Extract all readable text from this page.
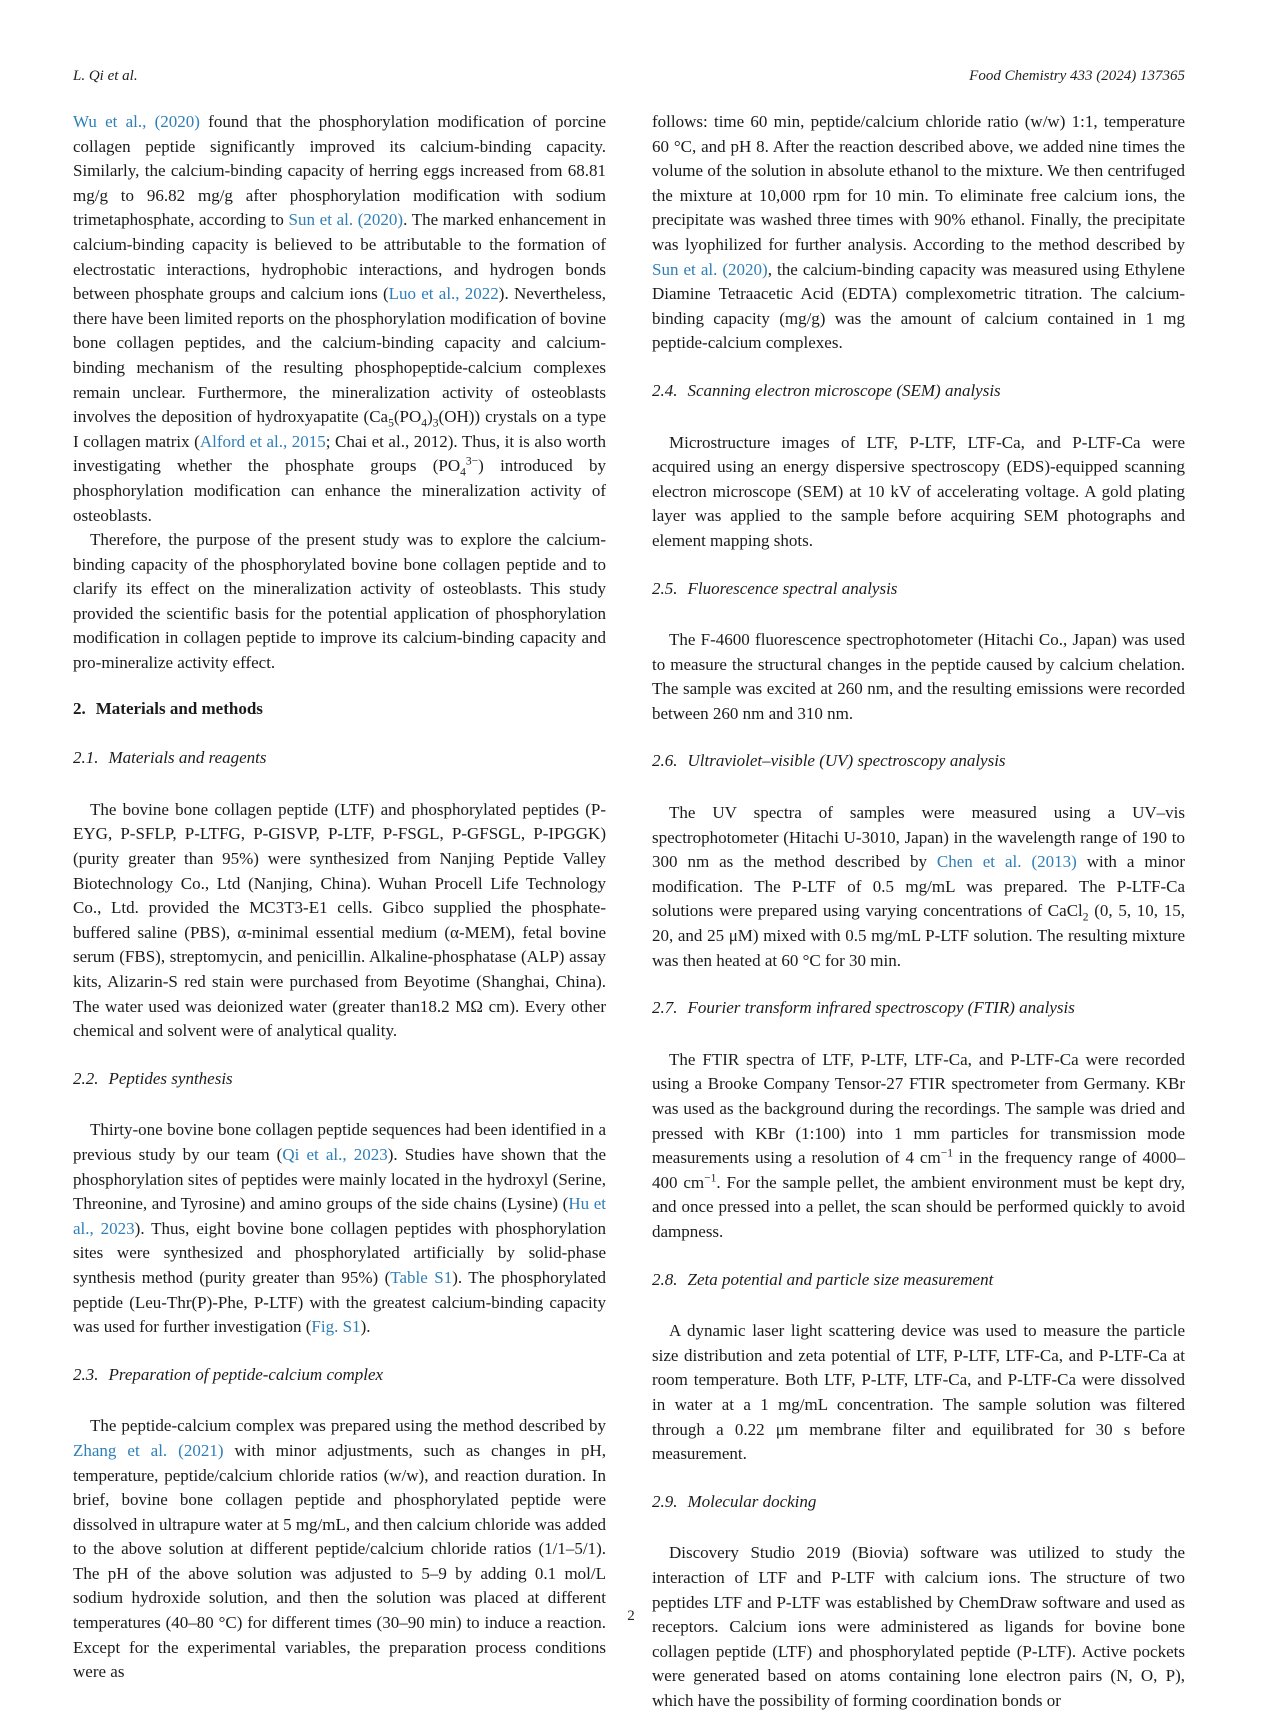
L. Qi et al.	Food Chemistry 433 (2024) 137365

Wu et al., (2020) found that the phosphorylation modification of porcine collagen peptide significantly improved its calcium-binding capacity. Similarly, the calcium-binding capacity of herring eggs increased from 68.81 mg/g to 96.82 mg/g after phosphorylation modification with sodium trimetaphosphate, according to Sun et al. (2020). The marked enhancement in calcium-binding capacity is believed to be attributable to the formation of electrostatic interactions, hydrophobic interactions, and hydrogen bonds between phosphate groups and calcium ions (Luo et al., 2022). Nevertheless, there have been limited reports on the phosphorylation modification of bovine bone collagen peptides, and the calcium-binding capacity and calcium-binding mechanism of the resulting phosphopeptide-calcium complexes remain unclear. Furthermore, the mineralization activity of osteoblasts involves the deposition of hydroxyapatite $(Ca_5(PO_4)_3(OH))$ crystals on a type I collagen matrix (Alford et al., 2015; Chai et al., 2012). Thus, it is also worth investigating whether the phosphate groups $(PO_4^{3-})$ introduced by phosphorylation modification can enhance the mineralization activity of osteoblasts.

Therefore, the purpose of the present study was to explore the calcium-binding capacity of the phosphorylated bovine bone collagen peptide and to clarify its effect on the mineralization activity of osteoblasts. This study provided the scientific basis for the potential application of phosphorylation modification in collagen peptide to improve its calcium-binding capacity and pro-mineralize activity effect.

2. Materials and methods
2.1. Materials and reagents

The bovine bone collagen peptide (LTF) and phosphorylated peptides (P-EYG, P-SFLP, P-LTFG, P-GISVP, P-LTF, P-FSGL, P-GFSGL, P-IPGGK) (purity greater than 95%) were synthesized from Nanjing Peptide Valley Biotechnology Co., Ltd (Nanjing, China). Wuhan Procell Life Technology Co., Ltd. provided the MC3T3-E1 cells. Gibco supplied the phosphate-buffered saline (PBS), α-minimal essential medium (α-MEM), fetal bovine serum (FBS), streptomycin, and penicillin. Alkaline-phosphatase (ALP) assay kits, Alizarin-S red stain were purchased from Beyotime (Shanghai, China). The water used was deionized water (greater than18.2 MΩ cm). Every other chemical and solvent were of analytical quality.

2.2. Peptides synthesis

Thirty-one bovine bone collagen peptide sequences had been identified in a previous study by our team (Qi et al., 2023). Studies have shown that the phosphorylation sites of peptides were mainly located in the hydroxyl (Serine, Threonine, and Tyrosine) and amino groups of the side chains (Lysine) (Hu et al., 2023). Thus, eight bovine bone collagen peptides with phosphorylation sites were synthesized and phosphorylated artificially by solid-phase synthesis method (purity greater than 95%) (Table S1). The phosphorylated peptide (Leu-Thr(P)-Phe, P-LTF) with the greatest calcium-binding capacity was used for further investigation (Fig. S1).

2.3. Preparation of peptide-calcium complex

The peptide-calcium complex was prepared using the method described by Zhang et al. (2021) with minor adjustments, such as changes in pH, temperature, peptide/calcium chloride ratios (w/w), and reaction duration. In brief, bovine bone collagen peptide and phosphorylated peptide were dissolved in ultrapure water at 5 mg/mL, and then calcium chloride was added to the above solution at different peptide/calcium chloride ratios (1/1–5/1). The pH of the above solution was adjusted to 5–9 by adding 0.1 mol/L sodium hydroxide solution, and then the solution was placed at different temperatures (40–80 °C) for different times (30–90 min) to induce a reaction. Except for the experimental variables, the preparation process conditions were as

follows: time 60 min, peptide/calcium chloride ratio (w/w) 1:1, temperature 60 °C, and pH 8. After the reaction described above, we added nine times the volume of the solution in absolute ethanol to the mixture. We then centrifuged the mixture at 10,000 rpm for 10 min. To eliminate free calcium ions, the precipitate was washed three times with 90% ethanol. Finally, the precipitate was lyophilized for further analysis. According to the method described by Sun et al. (2020), the calcium-binding capacity was measured using Ethylene Diamine Tetraacetic Acid (EDTA) complexometric titration. The calcium-binding capacity (mg/g) was the amount of calcium contained in 1 mg peptide-calcium complexes.

2.4. Scanning electron microscope (SEM) analysis

Microstructure images of LTF, P-LTF, LTF-Ca, and P-LTF-Ca were acquired using an energy dispersive spectroscopy (EDS)-equipped scanning electron microscope (SEM) at 10 kV of accelerating voltage. A gold plating layer was applied to the sample before acquiring SEM photographs and element mapping shots.

2.5. Fluorescence spectral analysis

The F-4600 fluorescence spectrophotometer (Hitachi Co., Japan) was used to measure the structural changes in the peptide caused by calcium chelation. The sample was excited at 260 nm, and the resulting emissions were recorded between 260 nm and 310 nm.

2.6. Ultraviolet–visible (UV) spectroscopy analysis

The UV spectra of samples were measured using a UV–vis spectrophotometer (Hitachi U-3010, Japan) in the wavelength range of 190 to 300 nm as the method described by Chen et al. (2013) with a minor modification. The P-LTF of 0.5 mg/mL was prepared. The P-LTF-Ca solutions were prepared using varying concentrations of CaCl$_2$ (0, 5, 10, 15, 20, and 25 μM) mixed with 0.5 mg/mL P-LTF solution. The resulting mixture was then heated at 60 °C for 30 min.

2.7. Fourier transform infrared spectroscopy (FTIR) analysis

The FTIR spectra of LTF, P-LTF, LTF-Ca, and P-LTF-Ca were recorded using a Brooke Company Tensor-27 FTIR spectrometer from Germany. KBr was used as the background during the recordings. The sample was dried and pressed with KBr (1:100) into 1 mm particles for transmission mode measurements using a resolution of 4 $cm^{-1}$ in the frequency range of 4000–400 $cm^{-1}$. For the sample pellet, the ambient environment must be kept dry, and once pressed into a pellet, the scan should be performed quickly to avoid dampness.

2.8. Zeta potential and particle size measurement

A dynamic laser light scattering device was used to measure the particle size distribution and zeta potential of LTF, P-LTF, LTF-Ca, and P-LTF-Ca at room temperature. Both LTF, P-LTF, LTF-Ca, and P-LTF-Ca were dissolved in water at a 1 mg/mL concentration. The sample solution was filtered through a 0.22 μm membrane filter and equilibrated for 30 s before measurement.

2.9. Molecular docking

Discovery Studio 2019 (Biovia) software was utilized to study the interaction of LTF and P-LTF with calcium ions. The structure of two peptides LTF and P-LTF was established by ChemDraw software and used as receptors. Calcium ions were administered as ligands for bovine bone collagen peptide (LTF) and phosphorylated peptide (P-LTF). Active pockets were generated based on atoms containing lone electron pairs (N, O, P), which have the possibility of forming coordination bonds or

2
